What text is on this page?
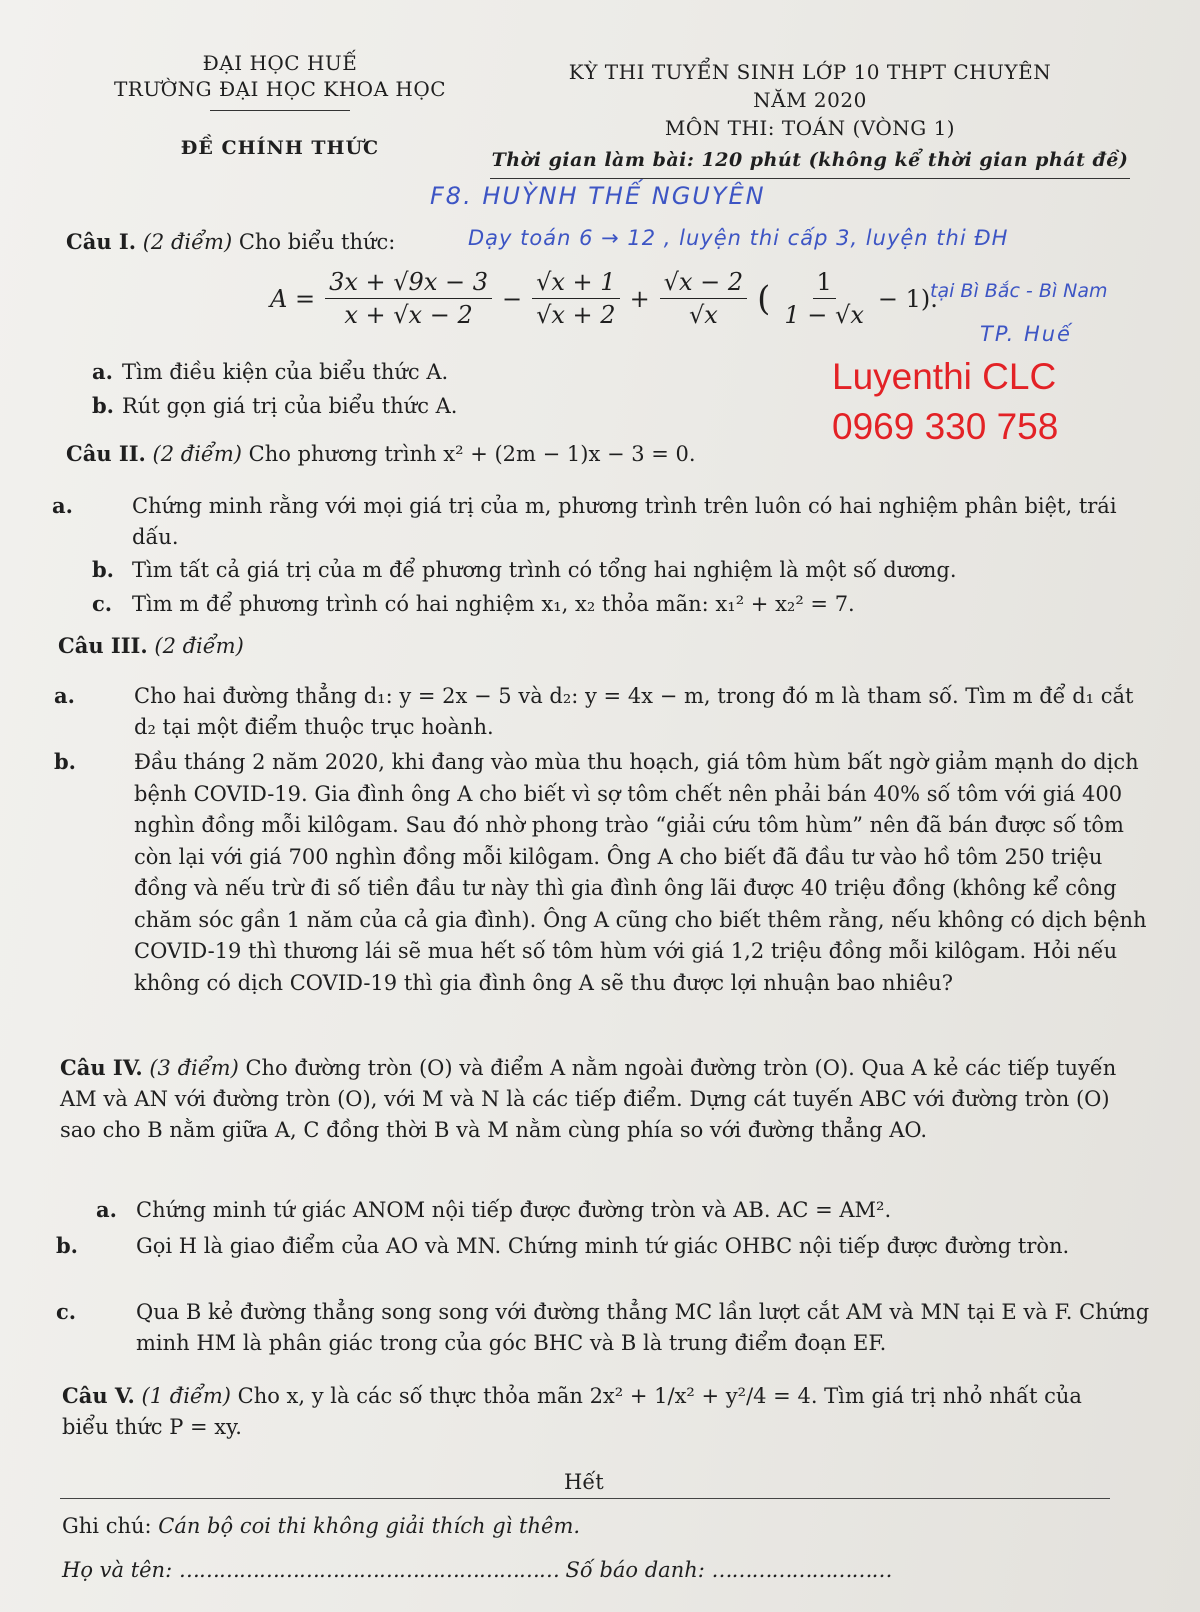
ĐẠI HỌC HUẾ
TRƯỜNG ĐẠI HỌC KHOA HỌC
ĐỀ CHÍNH THỨC
KỲ THI TUYỂN SINH LỚP 10 THPT CHUYÊN
NĂM 2020
MÔN THI: TOÁN (VÒNG 1)
Thời gian làm bài: 120 phút (không kể thời gian phát đề)
F8. HUỲNH THẾ NGUYÊN
Dạy toán 6 → 12 , luyện thi cấp 3, luyện thi ĐH
tại Bì Bắc - Bì Nam
TP. Huế
Luyenthi CLC
0969 330 758
Câu I. (2 điểm) Cho biểu thức:
$A = \frac{3x + √9x - 3}{x + √x - 2} - \frac{√x + 1}{√x + 2} + \frac{√x - 2}{√x}$ ( $\frac{1}{1 - √x} - 1$).
a. Tìm điều kiện của biểu thức A.
b. Rút gọn giá trị của biểu thức A.
Câu II. (2 điểm) Cho phương trình x² + (2m − 1)x − 3 = 0.
a.	Chứng minh rằng với mọi giá trị của m, phương trình trên luôn có hai nghiệm phân biệt, trái dấu.
b. Tìm tất cả giá trị của m để phương trình có tổng hai nghiệm là một số dương.
c. Tìm m để phương trình có hai nghiệm x₁, x₂ thỏa mãn: x₁² + x₂² = 7.
Câu III. (2 điểm)
a.	Cho hai đường thẳng d₁: y = 2x − 5 và d₂: y = 4x − m, trong đó m là tham số. Tìm m để d₁ cắt d₂ tại một điểm thuộc trục hoành.
b.	Đầu tháng 2 năm 2020, khi đang vào mùa thu hoạch, giá tôm hùm bất ngờ giảm mạnh do dịch bệnh COVID-19. Gia đình ông A cho biết vì sợ tôm chết nên phải bán 40% số tôm với giá 400 nghìn đồng mỗi kilôgam. Sau đó nhờ phong trào “giải cứu tôm hùm” nên đã bán được số tôm còn lại với giá 700 nghìn đồng mỗi kilôgam. Ông A cho biết đã đầu tư vào hồ tôm 250 triệu đồng và nếu trừ đi số tiền đầu tư này thì gia đình ông lãi được 40 triệu đồng (không kể công chăm sóc gần 1 năm của cả gia đình). Ông A cũng cho biết thêm rằng, nếu không có dịch bệnh COVID-19 thì thương lái sẽ mua hết số tôm hùm với giá 1,2 triệu đồng mỗi kilôgam. Hỏi nếu không có dịch COVID-19 thì gia đình ông A sẽ thu được lợi nhuận bao nhiêu?
Câu IV. (3 điểm) Cho đường tròn (O) và điểm A nằm ngoài đường tròn (O). Qua A kẻ các tiếp tuyến AM và AN với đường tròn (O), với M và N là các tiếp điểm. Dựng cát tuyến ABC với đường tròn (O) sao cho B nằm giữa A, C đồng thời B và M nằm cùng phía so với đường thẳng AO.
a. Chứng minh tứ giác ANOM nội tiếp được đường tròn và AB. AC = AM².
b.	Gọi H là giao điểm của AO và MN. Chứng minh tứ giác OHBC nội tiếp được đường tròn.
c.	Qua B kẻ đường thẳng song song với đường thẳng MC lần lượt cắt AM và MN tại E và F. Chứng minh HM là phân giác trong của góc BHC và B là trung điểm đoạn EF.
Câu V. (1 điểm) Cho x, y là các số thực thỏa mãn 2x² + 1/x² + y²/4 = 4. Tìm giá trị nhỏ nhất của biểu thức P = xy.
Hết
Ghi chú: Cán bộ coi thi không giải thích gì thêm.
Họ và tên: ………………………………………………… Số báo danh: ………………………
